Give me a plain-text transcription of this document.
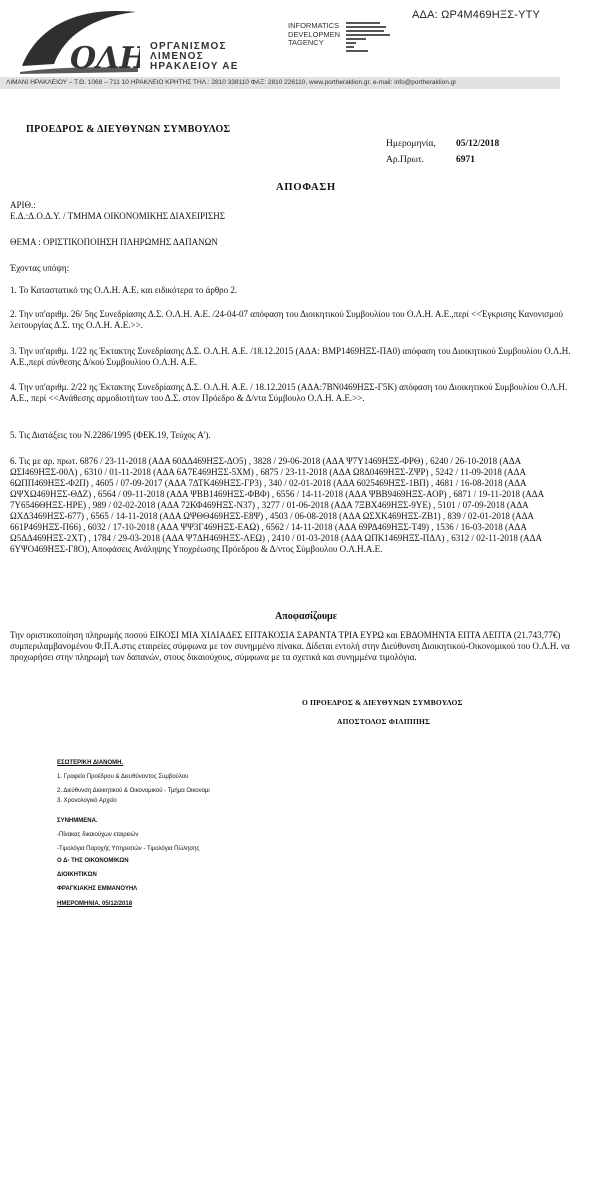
ΑΔΑ: ΩΡ4Μ469ΗΞΣ-ΥΤΥ
ΟΛΗ ΟΡΓΑΝΙΣΜΟΣ
ΛΙΜΕΝΟΣ
ΗΡΑΚΛΕΙΟΥ ΑΕ
INFORMATICS
DEVELOPMEN
TAGENCY
ΛΙΜΑΝΙ ΗΡΑΚΛΕΙΟΥ – Τ.Θ. 1068 – 711 10 ΗΡΑΚΛΕΙΟ ΚΡΗΤΗΣ ΤΗΛ.: 2810 338110 ΦΑΞ: 2810 226110, www.portheraklion.gr, e-mail: info@portheraklion.gr
ΠΡΟΕΔΡΟΣ & ΔΙΕΥΘΥΝΩΝ ΣΥΜΒΟΥΛΟΣ
Ημερομηνία, 05/12/2018
Αρ.Πρωτ.	6971
ΑΠΟΦΑΣΗ
ΑΡΙΘ.:
Ε.Δ.:Δ.Ο.Δ.Υ. / ΤΜΗΜΑ ΟΙΚΟΝΟΜΙΚΗΣ ΔΙΑΧΕΙΡΙΣΗΣ
ΘΕΜΑ : ΟΡΙΣΤΙΚΟΠΟΙΗΣΗ ΠΛΗΡΩΜΗΣ ΔΑΠΑΝΩΝ
Έχοντας υπόψη:
1. Το Καταστατικό της Ο.Λ.Η. Α.Ε. και ειδικότερα το άρθρο 2.
2. Την υπ'αριθμ. 26/ 5ης Συνεδρίασης Δ.Σ. Ο.Λ.Η. Α.Ε. /24-04-07 απόφαση του Διοικητικού Συμβουλίου του Ο.Λ.Η. Α.Ε.,περί <<Έγκρισης Κανονισμού λειτουργίας Δ.Σ. της Ο.Λ.Η. Α.Ε.>>.
3. Την υπ'αριθμ. 1/22 ης Έκτακτης Συνεδρίασης Δ.Σ. Ο.Λ.Η. Α.Ε. /18.12.2015 (ΑΔΑ: ΒΜΡ1469ΗΞΣ-ΠΑ0) απόφαση του Διοικητικού Συμβουλίου Ο.Λ.Η. Α.Ε.,περί σύνθεσης Δ/κού Συμβουλίου Ο.Λ.Η. Α.Ε.
4. Την υπ'αριθμ. 2/22 ης Έκτακτης Συνεδρίασης Δ.Σ. Ο.Λ.Η. Α.Ε. / 18.12.2015 (ΑΔΑ:7ΒΝ0469ΗΞΣ-Γ5Κ) απόφαση του Διοικητικού Συμβουλίου Ο.Λ.Η. Α.Ε., περί <<Ανάθεσης αρμοδιοτήτων του Δ.Σ. στον Πρόεδρο & Δ/ντα Σύμβουλο Ο.Λ.Η. Α.Ε.>>.
5. Τις Διατάξεις του Ν.2286/1995 (ΦΕΚ.19, Τεύχος Α').
6. Τις με αρ. πρωτ. 6876 / 23-11-2018 (ΑΔΑ 60ΔΔ469ΗΞΣ-ΔΟ5) , 3828 / 29-06-2018 (ΑΔΑ Ψ7Υ1469ΗΞΣ-ΦΡΘ) , 6240 / 26-10-2018 (ΑΔΑ ΩΣΙ469ΗΞΣ-00Λ) , 6310 / 01-11-2018 (ΑΔΑ 6Α7Ε469ΗΞΣ-5ΧΜ) , 6875 / 23-11-2018 (ΑΔΑ Ω8Δ0469ΗΞΣ-ΖΨΡ) , 5242 / 11-09-2018 (ΑΔΑ 6ΩΠΠ469ΗΞΣ-Φ2Π) , 4605 / 07-09-2017 (ΑΔΑ 7ΔΤΚ469ΗΞΣ-ΓΡ3) , 340 / 02-01-2018 (ΑΔΑ 6025469ΗΞΣ-1ΒΠ) , 4681 / 16-08-2018 (ΑΔΑ ΩΨΧΩ469ΗΞΣ-ΘΔΖ) , 6564 / 09-11-2018 (ΑΔΑ ΨΒΒ1469ΗΞΣ-ΦΒΦ) , 6556 / 14-11-2018 (ΑΔΑ ΨΒΒ9469ΗΞΣ-ΑΟΡ) , 6871 / 19-11-2018 (ΑΔΑ 7Υ6546ΘΗΞΣ-ΗΡΕ) , 989 / 02-02-2018 (ΑΔΑ 72ΚΦ469ΗΞΣ-Ν37) , 3277 / 01-06-2018 (ΑΔΑ 7ΞΒΧ469ΗΞΣ-9ΥΕ) , 5101 / 07-09-2018 (ΑΔΑ ΩΧΔ3469ΗΞΣ-677) , 6565 / 14-11-2018 (ΑΔΑ ΩΨΘΘ469ΗΞΣ-Ε8Ψ) , 4503 / 06-08-2018 (ΑΔΑ ΩΣΧΚ469ΗΞΣ-ΖΒ1) , 839 / 02-01-2018 (ΑΔΑ 661Ρ469ΗΞΣ-Π66) , 6032 / 17-10-2018 (ΑΔΑ ΨΨ3Γ469ΗΞΣ-ΕΑΩ) , 6562 / 14-11-2018 (ΑΔΑ 69ΡΔ469ΗΞΣ-Τ49) , 1536 / 16-03-2018 (ΑΔΑ Ω5ΔΔ469ΗΞΣ-2ΧΤ) , 1784 / 29-03-2018 (ΑΔΑ Ψ7ΔΗ469ΗΞΣ-ΛΕΩ) , 2410 / 01-03-2018 (ΑΔΑ ΩΠΚ1469ΗΞΣ-ΠΔΛ) , 6312 / 02-11-2018 (ΑΔΑ 6ΥΨΟ469ΗΞΣ-Γ8Ο), Αποφάσεις Ανάληψης Υποχρέωσης Πρόεδρου & Δ/ντος Σύμβουλου Ο.Λ.Η.Α.Ε.
Αποφασίζουμε
Την οριστικοποίηση πληρωμής ποσού ΕΙΚΟΣΙ ΜΙΑ ΧΙΛΙΑΔΕΣ ΕΠΤΑΚΟΣΙΑ ΣΑΡΑΝΤΑ ΤΡΙΑ ΕΥΡΩ και ΕΒΔΟΜΗΝΤΑ ΕΠΤΑ ΛΕΠΤΑ (21.743,77€) συμπεριλαμβανομένου Φ.Π.Α.στις εταιρείες σύμφωνα με τον συνημμένο πίνακα. Δίδεται εντολή στην Διεύθυνση Διοικητικού-Οικονομικού του Ο.Λ.Η. να προχωρήσει στην πληρωμή των δαπανών, στους δικαιούχους, σύμφωνα με τα σχετικά και συνημμένα τιμολόγια.
Ο ΠΡΟΕΔΡΟΣ & ΔΙΕΥΘΥΝΩΝ ΣΥΜΒΟΥΛΟΣ
ΑΠΟΣΤΟΛΟΣ ΦΙΛΙΠΠΗΣ
ΕΣΩΤΕΡΙΚΗ ΔΙΑΝΟΜΗ.
1. Γραφείο Προέδρου & Διευθύνοντος Συμβούλου
2. Διεύθυνση Διοικητικού & Οικονομικού - Τμήμα Οικονομι
3. Χρονολογικό Αρχείο
ΣΥΝΗΜΜΕΝΑ.
-Πίνακας δικαιούχων εταιρειών
-Τιμολόγια Παροχής Υπηρεσιών - Τιμολόγια Πώλησης
Ο Δ- ΤΗΣ ΟΙΚΟΝΟΜΙΚΩΝ
ΔΙΟΙΚΗΤΙΚΩΝ
ΦΡΑΓΚΙΑΚΗΣ ΕΜΜΑΝΟΥΗΛ
ΗΜΕΡΟΜΗΝΙΑ. 05/12/2018
